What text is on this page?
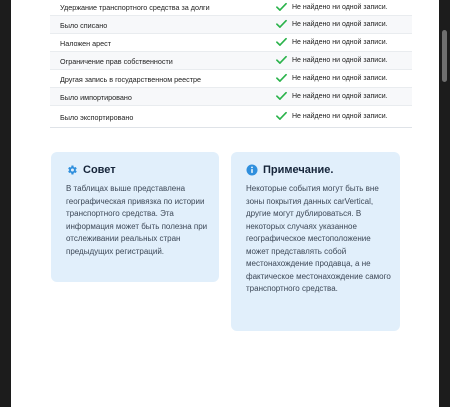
Удержание транспортного средства за долги	Не найдено ни одной записи.
Было списано	Не найдено ни одной записи.
Наложен арест	Не найдено ни одной записи.
Ограничение прав собственности	Не найдено ни одной записи.
Другая запись в государственном реестре	Не найдено ни одной записи.
Было импортировано	Не найдено ни одной записи.
Было экспортировано	Не найдено ни одной записи.
Совет

В таблицах выше представлена географическая привязка по истории транспортного средства. Эта информация может быть полезна при отслеживании реальных стран предыдущих регистраций.

Примечание.

Некоторые события могут быть вне зоны покрытия данных carVertical, другие могут дублироваться. В некоторых случаях указанное географическое местоположение может представлять собой местонахождение продавца, а не фактическое местонахождение самого транспортного средства.
